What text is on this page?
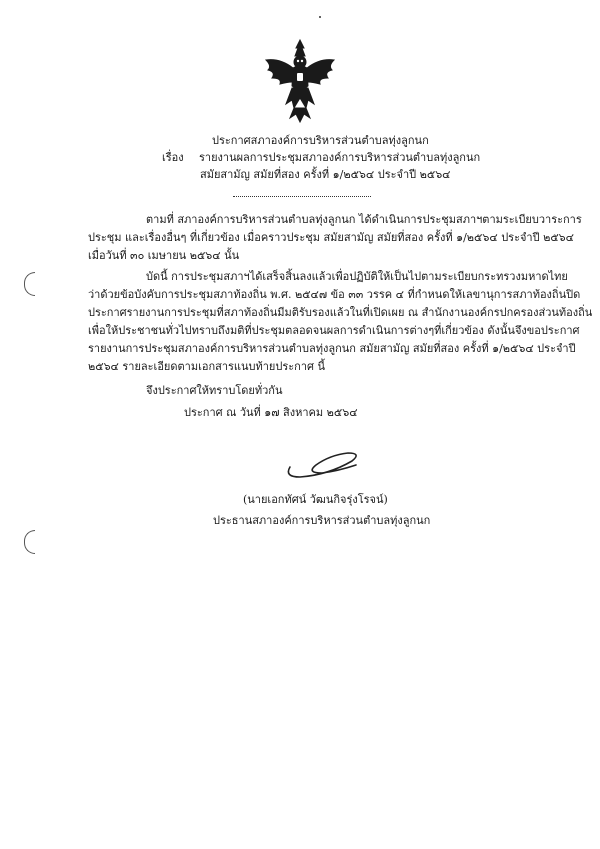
ประกาศสภาองค์การบริหารส่วนตำบลทุ่งลูกนก
เรื่อง รายงานผลการประชุมสภาองค์การบริหารส่วนตำบลทุ่งลูกนก
สมัยสามัญ สมัยที่สอง ครั้งที่ ๑/๒๕๖๔ ประจำปี ๒๕๖๔
ตามที่ สภาองค์การบริหารส่วนตำบลทุ่งลูกนก ได้ดำเนินการประชุมสภาฯตามระเบียบวาระการ
ประชุม และเรื่องอื่นๆ ที่เกี่ยวข้อง เมื่อคราวประชุม สมัยสามัญ สมัยที่สอง ครั้งที่ ๑/๒๕๖๔ ประจำปี ๒๕๖๔
เมื่อวันที่ ๓๐ เมษายน ๒๕๖๔ นั้น
บัดนี้ การประชุมสภาฯได้เสร็จสิ้นลงแล้วเพื่อปฏิบัติให้เป็นไปตามระเบียบกระทรวงมหาดไทย
ว่าด้วยข้อบังคับการประชุมสภาท้องถิ่น พ.ศ. ๒๕๔๗ ข้อ ๓๓ วรรค ๔ ที่กำหนดให้เลขานุการสภาท้องถิ่นปิด
ประกาศรายงานการประชุมที่สภาท้องถิ่นมีมติรับรองแล้วในที่เปิดเผย ณ สำนักงานองค์กรปกครองส่วนท้องถิ่น
เพื่อให้ประชาชนทั่วไปทราบถึงมติที่ประชุมตลอดจนผลการดำเนินการต่างๆที่เกี่ยวข้อง ดังนั้นจึงขอประกาศ
รายงานการประชุมสภาองค์การบริหารส่วนตำบลทุ่งลูกนก สมัยสามัญ สมัยที่สอง ครั้งที่ ๑/๒๕๖๔ ประจำปี
๒๕๖๔ รายละเอียดตามเอกสารแนบท้ายประกาศ นี้
จึงประกาศให้ทราบโดยทั่วกัน
ประกาศ ณ วันที่ ๑๗ สิงหาคม ๒๕๖๔
(นายเอกทัศน์ วัฒนกิจรุ่งโรจน์)
ประธานสภาองค์การบริหารส่วนตำบลทุ่งลูกนก
